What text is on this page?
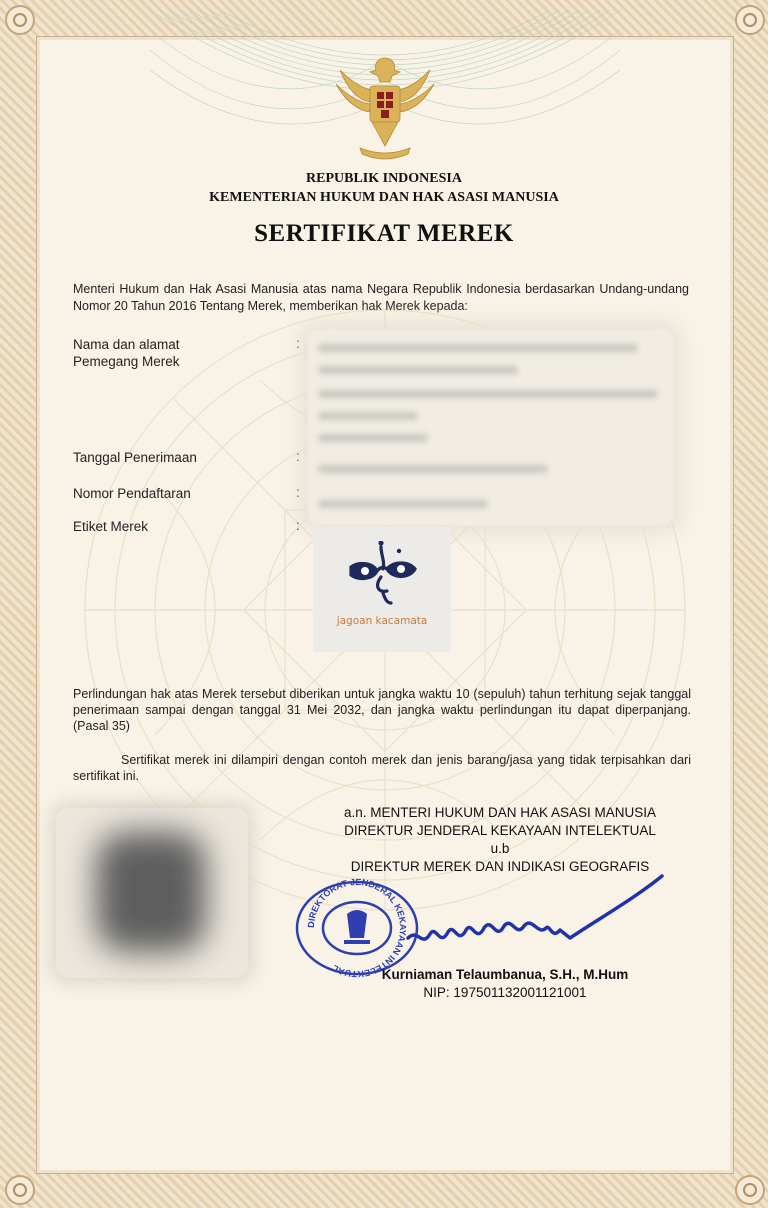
REPUBLIK INDONESIA
KEMENTERIAN HUKUM DAN HAK ASASI MANUSIA
SERTIFIKAT MEREK
Menteri Hukum dan Hak Asasi Manusia atas nama Negara Republik Indonesia berdasarkan Undang-undang Nomor 20 Tahun 2016 Tentang Merek, memberikan hak Merek kepada:
Nama dan alamat
Pemegang Merek
:
Tanggal Penerimaan	:
Nomor Pendaftaran	:
Etiket Merek	:
jagoan kacamata
Perlindungan hak atas Merek tersebut diberikan untuk jangka waktu 10 (sepuluh) tahun terhitung sejak tanggal penerimaan sampai dengan tanggal 31 Mei 2032, dan jangka waktu perlindungan itu dapat diperpanjang. (Pasal 35)
Sertifikat merek ini dilampiri dengan contoh merek dan jenis barang/jasa yang tidak terpisahkan dari sertifikat ini.
a.n. MENTERI HUKUM DAN HAK ASASI MANUSIA
DIREKTUR JENDERAL KEKAYAAN INTELEKTUAL
u.b
DIREKTUR MEREK DAN INDIKASI GEOGRAFIS
DIREKTORAT JENDERAL KEKAYAAN INTELEKTUAL	Kurniaman Telaumbanua, S.H., M.Hum
NIP: 197501132001121001
